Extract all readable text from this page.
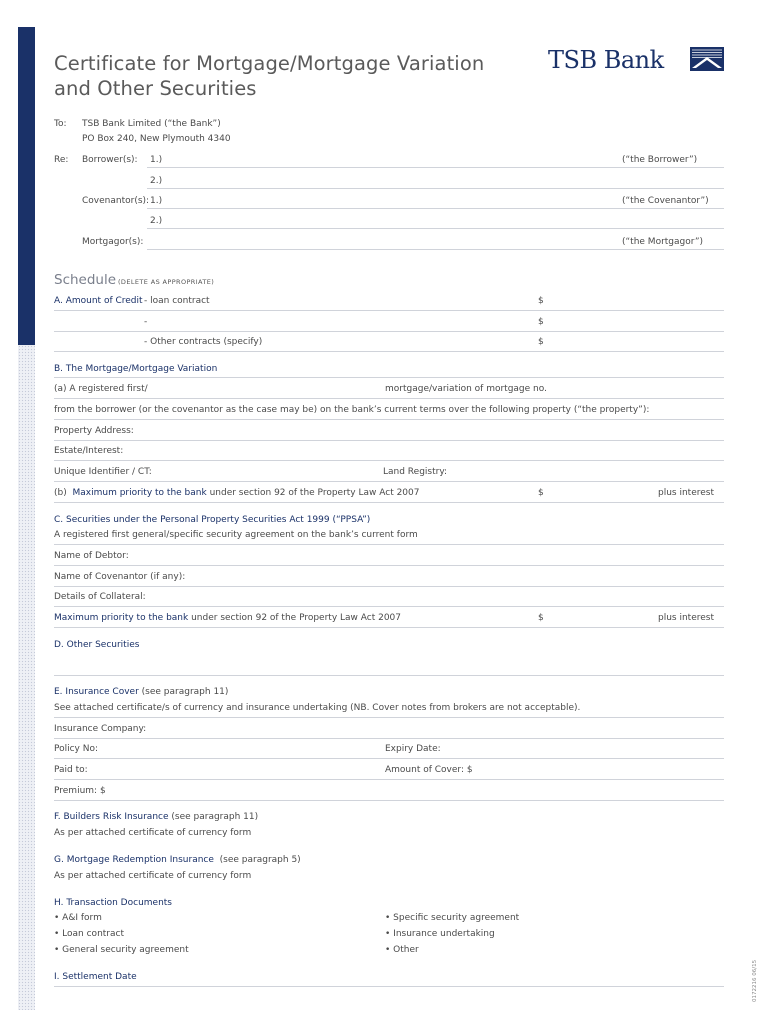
Certificate for Mortgage/Mortgage Variation
and Other Securities
TSB Bank
To: TSB Bank Limited (“the Bank”)
PO Box 240, New Plymouth 4340
Re: Borrower(s): 1.)	(“the Borrower”)
2.)
Covenantor(s): 1.)	(“the Covenantor”)
2.)
Mortgagor(s):	(“the Mortgagor”)
Schedule (DELETE AS APPROPRIATE)
A. Amount of Credit - loan contract	$
-	$
- Other contracts (specify)	$
B. The Mortgage/Mortgage Variation
(a) A registered first/	mortgage/variation of mortgage no.
from the borrower (or the covenantor as the case may be) on the bank’s current terms over the following property (“the property”):
Property Address:
Estate/Interest:
Unique Identifier / CT:	Land Registry:
(b) Maximum priority to the bank under section 92 of the Property Law Act 2007	$	plus interest
C. Securities under the Personal Property Securities Act 1999 (“PPSA”)
A registered first general/specific security agreement on the bank’s current form
Name of Debtor:
Name of Covenantor (if any):
Details of Collateral:
Maximum priority to the bank under section 92 of the Property Law Act 2007	$	plus interest
D. Other Securities
E. Insurance Cover (see paragraph 11)
See attached certificate/s of currency and insurance undertaking (NB. Cover notes from brokers are not acceptable).
Insurance Company:
Policy No:	Expiry Date:
Paid to:	Amount of Cover: $
Premium: $
F. Builders Risk Insurance (see paragraph 11)
As per attached certificate of currency form
G. Mortgage Redemption Insurance (see paragraph 5)
As per attached certificate of currency form
H. Transaction Documents
• A&I form
• Loan contract
• General security agreement
• Specific security agreement
• Insurance undertaking
• Other
I. Settlement Date	0172216 06/15
